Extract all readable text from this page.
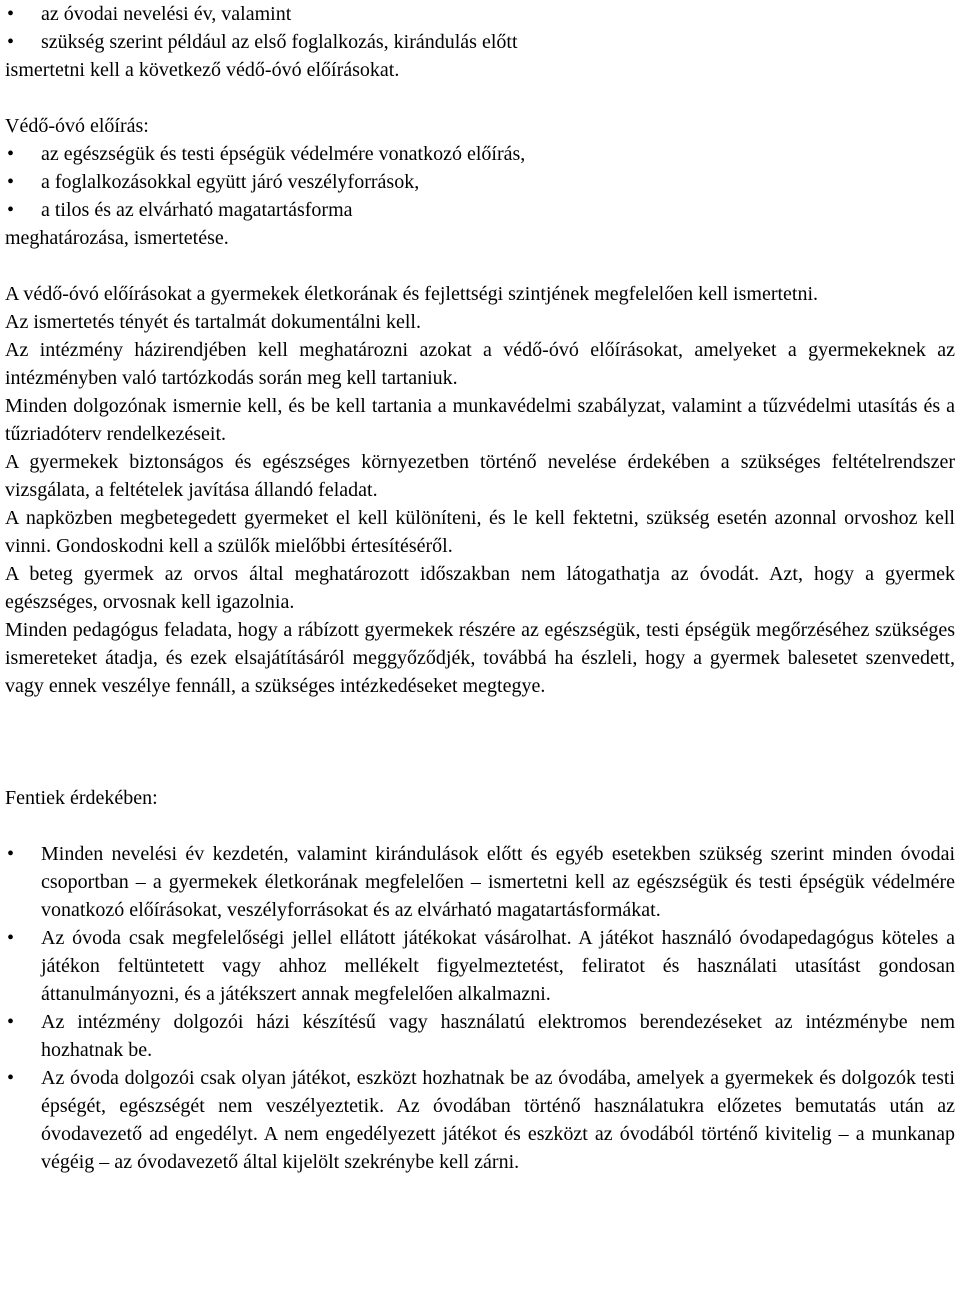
• az óvodai nevelési év, valamint

• szükség szerint például az első foglalkozás, kirándulás előtt

ismertetni kell a következő védő-óvó előírásokat.

Védő-óvó előírás:

• az egészségük és testi épségük védelmére vonatkozó előírás,

• a foglalkozásokkal együtt járó veszélyforrások,

• a tilos és az elvárható magatartásforma

meghatározása, ismertetése.

A védő-óvó előírásokat a gyermekek életkorának és fejlettségi szintjének megfelelően kell ismertetni.

Az ismertetés tényét és tartalmát dokumentálni kell.

Az intézmény házirendjében kell meghatározni azokat a védő-óvó előírásokat, amelyeket a gyermekeknek az intézményben való tartózkodás során meg kell tartaniuk.

Minden dolgozónak ismernie kell, és be kell tartania a munkavédelmi szabályzat, valamint a tűzvédelmi utasítás és a tűzriadóterv rendelkezéseit.

A gyermekek biztonságos és egészséges környezetben történő nevelése érdekében a szükséges feltételrendszer vizsgálata, a feltételek javítása állandó feladat.

A napközben megbetegedett gyermeket el kell különíteni, és le kell fektetni, szükség esetén azonnal orvoshoz kell vinni. Gondoskodni kell a szülők mielőbbi értesítéséről.

A beteg gyermek az orvos által meghatározott időszakban nem látogathatja az óvodát. Azt, hogy a gyermek egészséges, orvosnak kell igazolnia.

Minden pedagógus feladata, hogy a rábízott gyermekek részére az egészségük, testi épségük megőrzéséhez szükséges ismereteket átadja, és ezek elsajátításáról meggyőződjék, továbbá ha észleli, hogy a gyermek balesetet szenvedett, vagy ennek veszélye fennáll, a szükséges intézkedéseket megtegye.

Fentiek érdekében:

• Minden nevelési év kezdetén, valamint kirándulások előtt és egyéb esetekben szükség szerint minden óvodai csoportban – a gyermekek életkorának megfelelően – ismertetni kell az egészségük és testi épségük védelmére vonatkozó előírásokat, veszélyforrásokat és az elvárható magatartásformákat.

• Az óvoda csak megfelelőségi jellel ellátott játékokat vásárolhat. A játékot használó óvodapedagógus köteles a játékon feltüntetett vagy ahhoz mellékelt figyelmeztetést, feliratot és használati utasítást gondosan áttanulmányozni, és a játékszert annak megfelelően alkalmazni.

• Az intézmény dolgozói házi készítésű vagy használatú elektromos berendezéseket az intézménybe nem hozhatnak be.

• Az óvoda dolgozói csak olyan játékot, eszközt hozhatnak be az óvodába, amelyek a gyermekek és dolgozók testi épségét, egészségét nem veszélyeztetik. Az óvodában történő használatukra előzetes bemutatás után az óvodavezető ad engedélyt. A nem engedélyezett játékot és eszközt az óvodából történő kivitelig – a munkanap végéig – az óvodavezető által kijelölt szekrénybe kell zárni.
